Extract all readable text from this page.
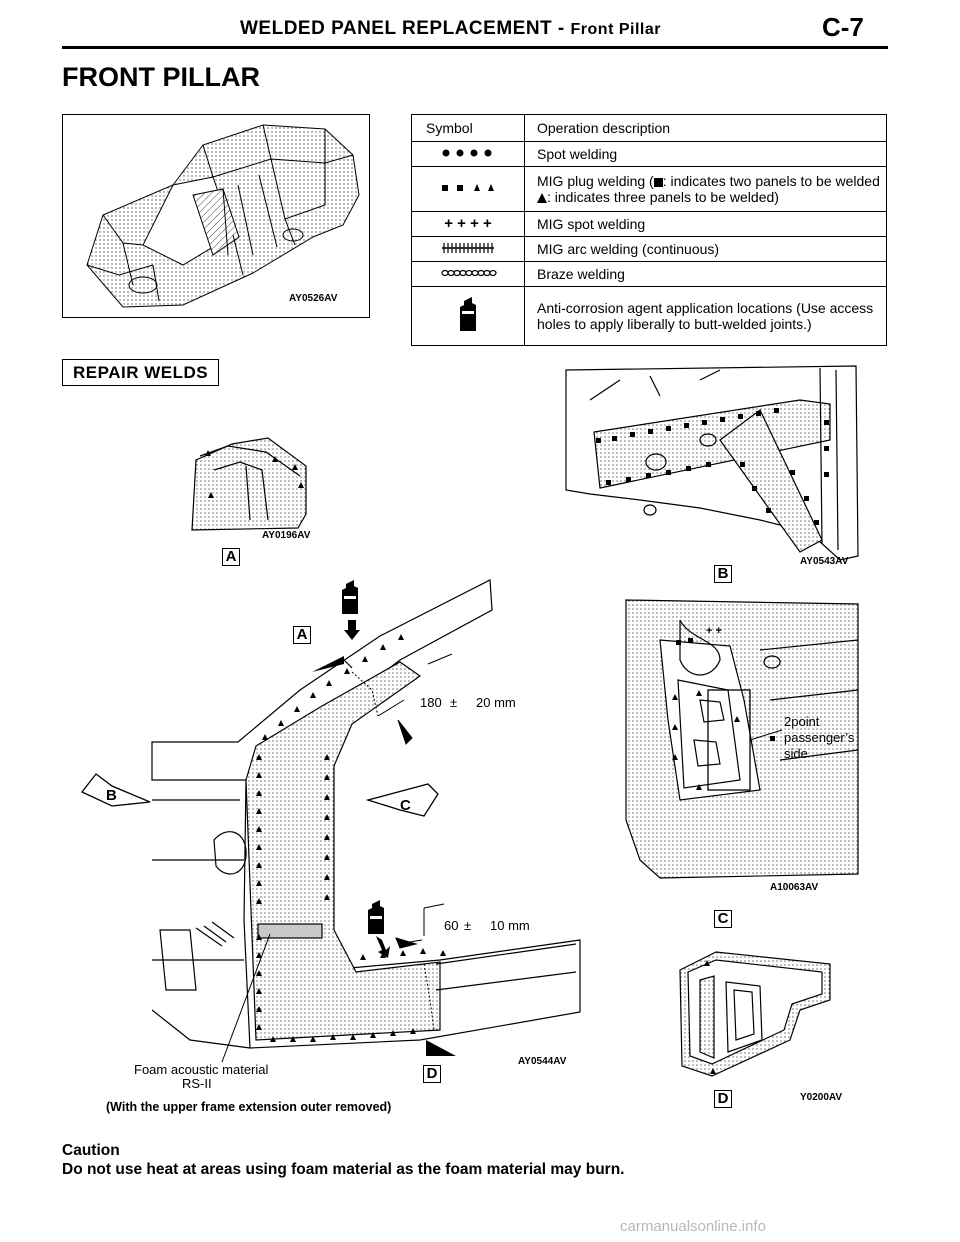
WELDED PANEL REPLACEMENT - Front Pillar	C-7
FRONT PILLAR
AY0526AV
Symbol	Operation description
	Spot welding
	MIG plug welding ( : indicates two panels to be welded : indicates three panels to be welded)
+ + + +	MIG spot welding
	MIG arc welding (continuous)
	Braze welding
	Anti-corrosion agent application locations (Use access holes to apply liberally to butt-welded joints.)
REPAIR WELDS
AY0196AV
AY0543AV
AY0544AV
B
C
180 ± 20 mm
60 ± 10 mm
+ +
2point
passenger’s
side
A10063AV
Y0200AV
Foam acoustic material
RS-II
(With the upper frame extension outer removed)
A
B
A
C
D
D
Caution
Do not use heat at areas using foam material as the foam material may burn.
carmanualsonline.info
